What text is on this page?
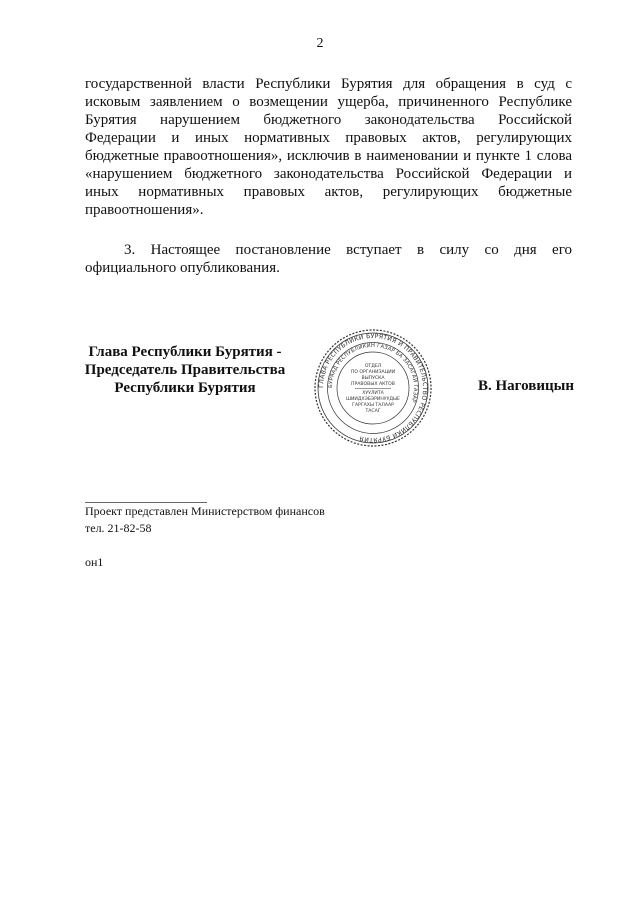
2
государственной власти Республики Бурятия для обращения в суд с
исковым заявлением о возмещении ущерба, причиненного Республике
Бурятия нарушением бюджетного законодательства Российской
Федерации и иных нормативных правовых актов, регулирующих
бюджетные правоотношения», исключив в наименовании и пункте 1 слова
«нарушением бюджетного законодательства Российской Федерации и
иных нормативных правовых актов, регулирующих бюджетные
правоотношения».
3. Настоящее постановление вступает в силу со дня его
официального опубликования.
Глава Республики Бурятия -
Председатель Правительства
Республики Бурятия	ГЛАВА РЕСПУБЛИКИ БУРЯТИЯ И ПРАВИТЕЛЬСТВО РЕСПУБЛИКИ БУРЯТИЯ
БУРЯАД РЕСПУБЛИКИН ГАЗАР БА ЗАСАГАЙ ГАЗАР
ОТДЕЛ
ПО ОРГАНИЗАЦИИ
ВЫПУСКА
ПРАВОВЫХ АКТОВ
ХУУЛИТА
ШИИДХЭБЭРИНУУДЫЕ
ГАРГАХЫ ТАЛААР
ТАСАГ
В. Наговицын
Проект представлен Министерством финансов
тел. 21-82-58
он1
